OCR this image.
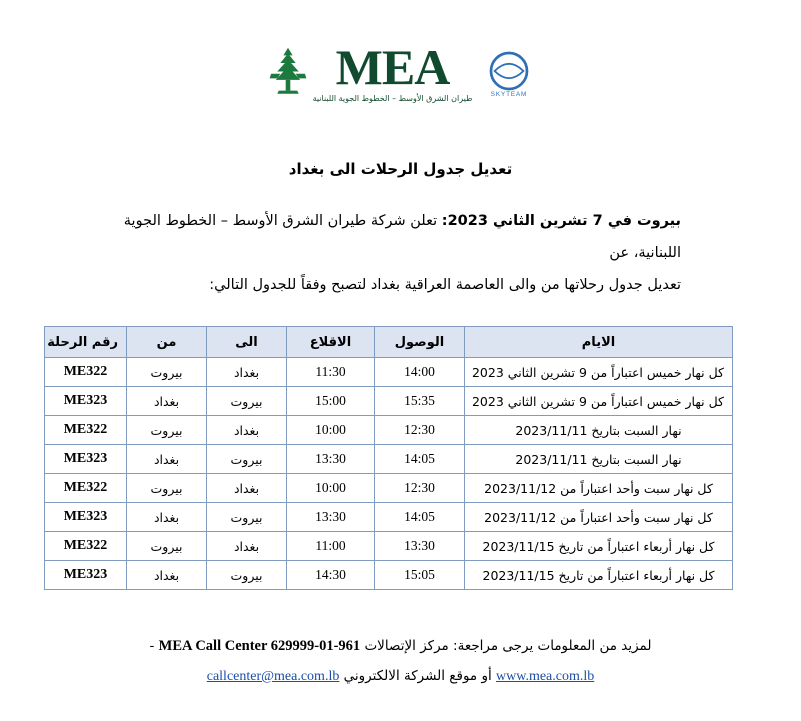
MEA
طيران الشرق الأوسط – الخطوط الجوية اللبنانية	SKYTEAM
تعديل جدول الرحلات الى بغداد
بيروت في 7 تشرين الثاني 2023: تعلن شركة طيران الشرق الأوسط – الخطوط الجوية اللبنانية، عن
تعديل جدول رحلاتها من والى العاصمة العراقية بغداد لتصبح وفقاً للجدول التالي:
الايام	الوصول	الاقلاع	الى	من	رقم الرحلة
كل نهار خميس اعتباراً من 9 تشرين الثاني 2023	14:00	11:30	بغداد	بيروت	ME322
كل نهار خميس اعتباراً من 9 تشرين الثاني 2023	15:35	15:00	بيروت	بغداد	ME323
نهار السبت بتاريخ 2023/11/11	12:30	10:00	بغداد	بيروت	ME322
نهار السبت بتاريخ 2023/11/11	14:05	13:30	بيروت	بغداد	ME323
كل نهار سبت وأحد اعتباراً من 2023/11/12	12:30	10:00	بغداد	بيروت	ME322
كل نهار سبت وأحد اعتباراً من 2023/11/12	14:05	13:30	بيروت	بغداد	ME323
كل نهار أربعاء اعتباراً من تاريخ 2023/11/15	13:30	11:00	بغداد	بيروت	ME322
كل نهار أربعاء اعتباراً من تاريخ 2023/11/15	15:05	14:30	بيروت	بغداد	ME323
لمزيد من المعلومات يرجى مراجعة: مركز الإتصالات MEA Call Center 629999-01-961 -
www.mea.com.lb أو موقع الشركة الالكتروني callcenter@mea.com.lb
